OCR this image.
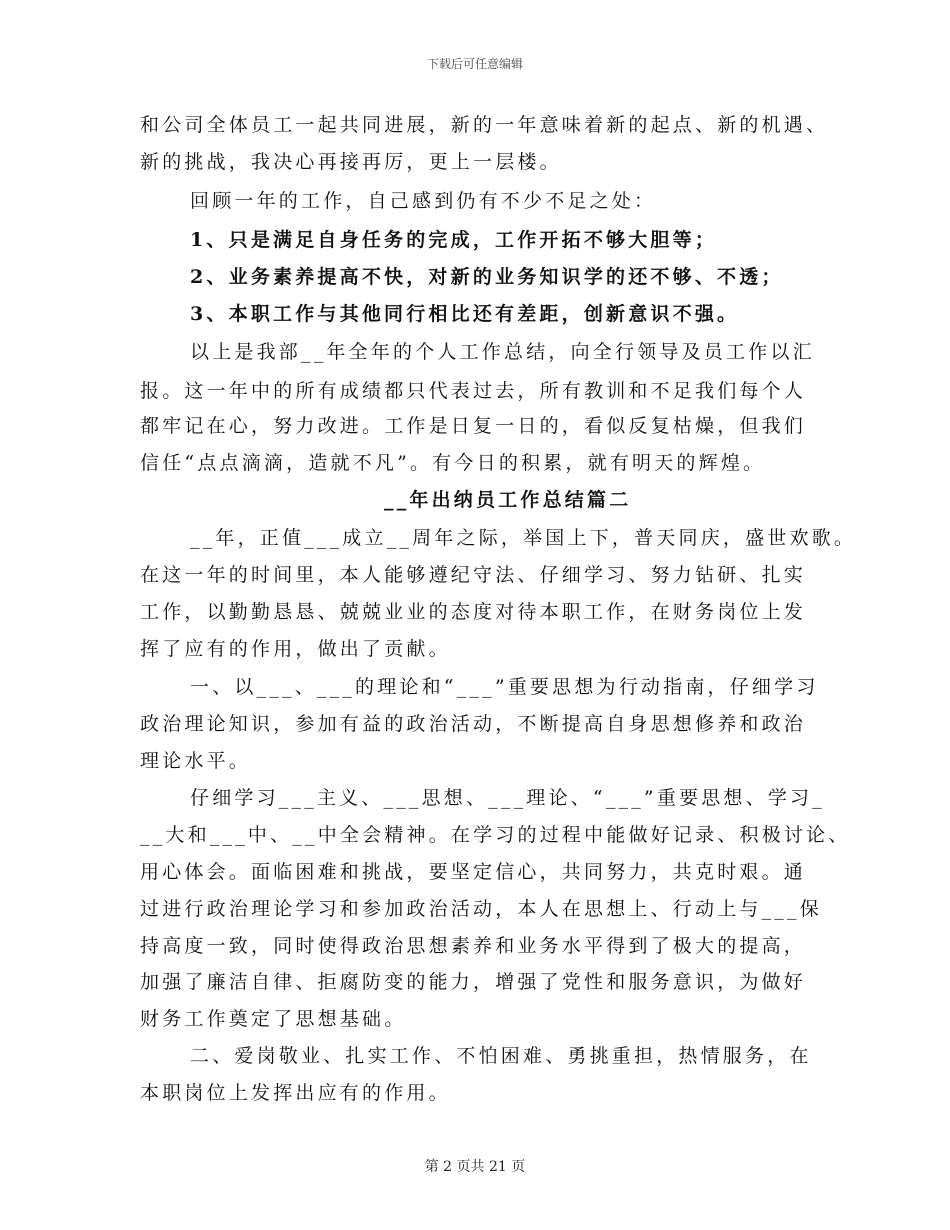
下载后可任意编辑
和公司全体员工一起共同进展，新的一年意味着新的起点、新的机遇、
新的挑战，我决心再接再厉，更上一层楼。
回顾一年的工作，自己感到仍有不少不足之处：
1、只是满足自身任务的完成，工作开拓不够大胆等；
2、业务素养提高不快，对新的业务知识学的还不够、不透；
3、本职工作与其他同行相比还有差距，创新意识不强。
以上是我部__年全年的个人工作总结，向全行领导及员工作以汇
报。这一年中的所有成绩都只代表过去，所有教训和不足我们每个人
都牢记在心，努力改进。工作是日复一日的，看似反复枯燥，但我们
信任“点点滴滴，造就不凡”。有今日的积累，就有明天的辉煌。
__年出纳员工作总结篇二
__年，正值___成立__周年之际，举国上下，普天同庆，盛世欢歌。
在这一年的时间里，本人能够遵纪守法、仔细学习、努力钻研、扎实
工作，以勤勤恳恳、兢兢业业的态度对待本职工作，在财务岗位上发
挥了应有的作用，做出了贡献。
一、以___、___的理论和“___”重要思想为行动指南，仔细学习
政治理论知识，参加有益的政治活动，不断提高自身思想修养和政治
理论水平。
仔细学习___主义、___思想、___理论、“___”重要思想、学习_
__大和___中、__中全会精神。在学习的过程中能做好记录、积极讨论、
用心体会。面临困难和挑战，要坚定信心，共同努力，共克时艰。通
过进行政治理论学习和参加政治活动，本人在思想上、行动上与___保
持高度一致，同时使得政治思想素养和业务水平得到了极大的提高，
加强了廉洁自律、拒腐防变的能力，增强了党性和服务意识，为做好
财务工作奠定了思想基础。
二、爱岗敬业、扎实工作、不怕困难、勇挑重担，热情服务，在
本职岗位上发挥出应有的作用。
第 2 页共 21 页
